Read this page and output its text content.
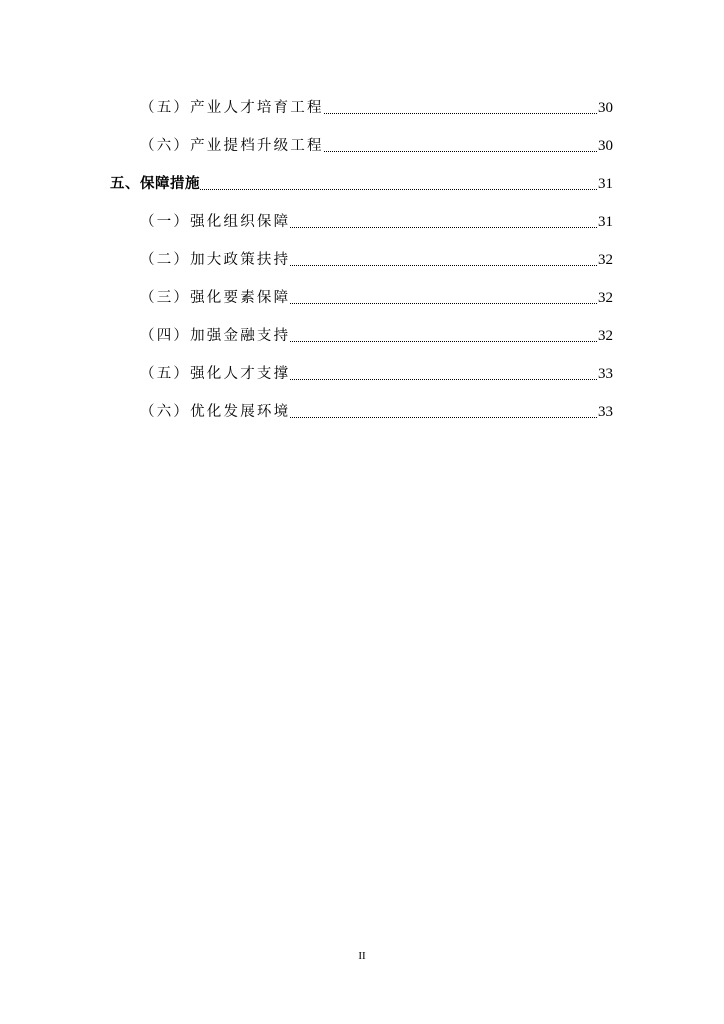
（五）产业人才培育工程	30
（六）产业提档升级工程	30
五、保障措施	31
（一）强化组织保障	31
（二）加大政策扶持	32
（三）强化要素保障	32
（四）加强金融支持	32
（五）强化人才支撑	33
（六）优化发展环境	33
II
